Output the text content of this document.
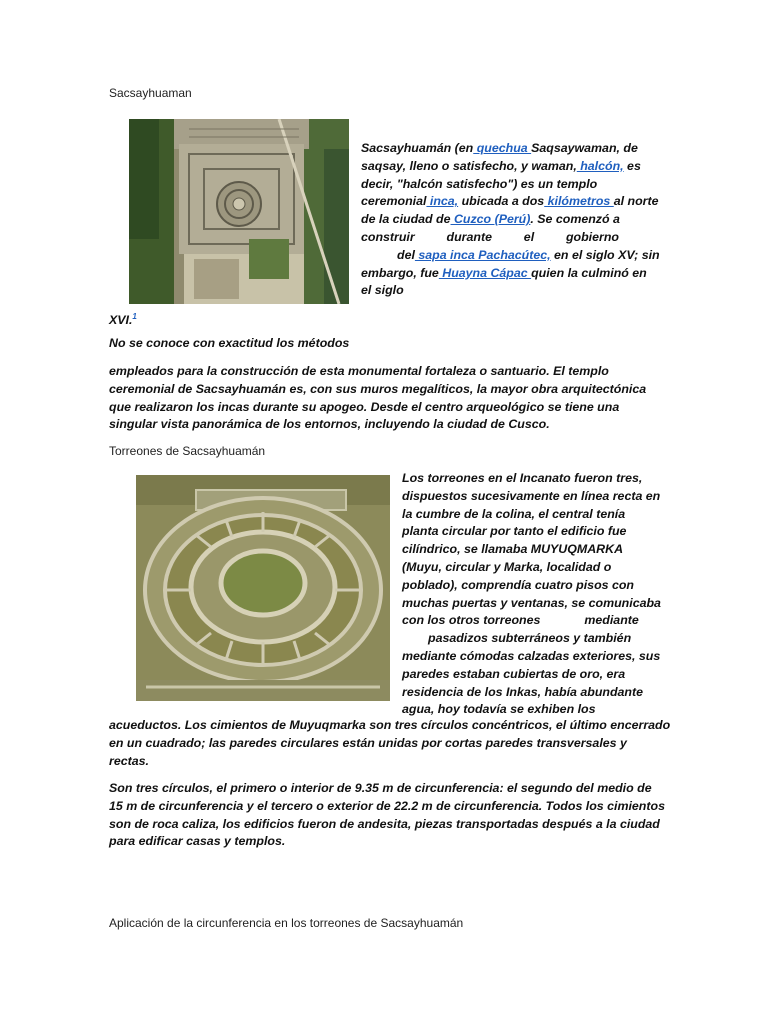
Sacsayhuaman
Sacsayhuamán (en quechua Saqsaywaman, de
saqsay, lleno o satisfecho, y waman, halcón, es
decir, "halcón satisfecho") es un templo
ceremonial inca, ubicada a dos kilómetros al norte
de la ciudad de Cuzco (Perú). Se comenzó a
construir	durante	el	gobierno
del sapa inca Pachacútec, en el siglo XV; sin
embargo, fue Huayna Cápac quien la culminó en
el siglo
XVI.$^1$
No se conoce con exactitud los métodos
empleados para la construcción de esta monumental fortaleza o santuario. El templo
ceremonial de Sacsayhuamán es, con sus muros megalíticos, la mayor obra arquitectónica
que realizaron los incas durante su apogeo. Desde el centro arqueológico se tiene una
singular vista panorámica de los entornos, incluyendo la ciudad de Cusco.
Torreones de Sacsayhuamán
Los torreones en el Incanato fueron tres,
dispuestos sucesivamente en línea recta en
la cumbre de la colina, el central tenía
planta circular por tanto el edificio fue
cilíndrico, se llamaba MUYUQMARKA
(Muyu, circular y Marka, localidad o
poblado), comprendía cuatro pisos con
muchas puertas y ventanas, se comunicaba
con los otros torreones	mediante
pasadizos subterráneos y también
mediante cómodas calzadas exteriores, sus
paredes estaban cubiertas de oro, era
residencia de los Inkas, había abundante
agua, hoy todavía se exhiben los
acueductos. Los cimientos de Muyuqmarka son tres círculos concéntricos, el último encerrado
en un cuadrado; las paredes circulares están unidas por cortas paredes transversales y
rectas.
Son tres círculos, el primero o interior de 9.35 m de circunferencia: el segundo del medio de
15 m de circunferencia y el tercero o exterior de 22.2 m de circunferencia. Todos los cimientos
son de roca caliza, los edificios fueron de andesita, piezas transportadas después a la ciudad
para edificar casas y templos.
Aplicación de la circunferencia en los torreones de Sacsayhuamán
